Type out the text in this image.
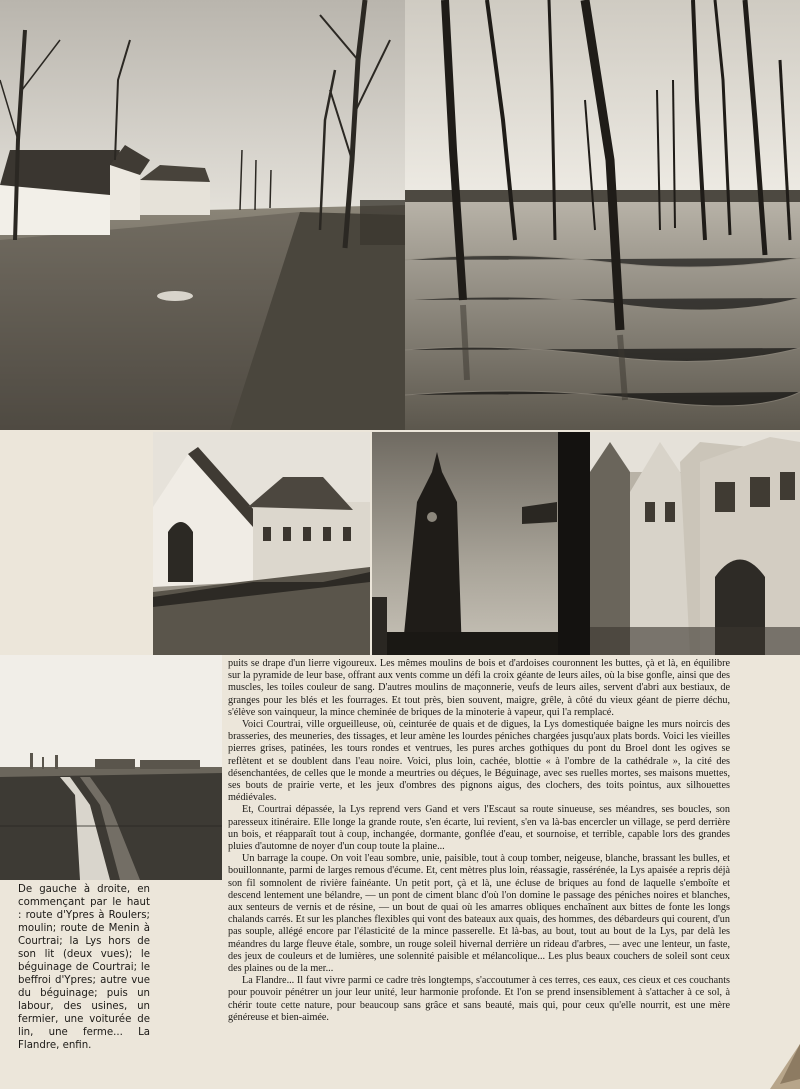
De gauche à droite, en commençant par le haut : route d'Ypres à Roulers; moulin; route de Menin à Courtrai; la Lys hors de son lit (deux vues); le béguinage de Courtrai; le beffroi d'Ypres; autre vue du béguinage; puis un labour, des usines, un fermier, une voiturée de lin, une ferme... La Flandre, enfin.

puits se drape d'un lierre vigoureux. Les mêmes moulins de bois et d'ardoises couronnent les buttes, çà et là, en équilibre sur la pyramide de leur base, offrant aux vents comme un défi la croix géante de leurs ailes, où la bise gonfle, ainsi que des muscles, les toiles couleur de sang. D'autres moulins de maçonnerie, veufs de leurs ailes, servent d'abri aux bestiaux, de granges pour les blés et les fourrages. Et tout près, bien souvent, maigre, grêle, à côté du vieux géant de pierre déchu, s'élève son vainqueur, la mince cheminée de briques de la minoterie à vapeur, qui l'a remplacé.

Voici Courtrai, ville orgueilleuse, où, ceinturée de quais et de digues, la Lys domestiquée baigne les murs noircis des brasseries, des meuneries, des tissages, et leur amène les lourdes péniches chargées jusqu'aux plats bords. Voici les vieilles pierres grises, patinées, les tours rondes et ventrues, les pures arches gothiques du pont du Broel dont les ogives se reflètent et se doublent dans l'eau noire. Voici, plus loin, cachée, blottie « à l'ombre de la cathédrale », la cité des désenchantées, de celles que le monde a meurtries ou déçues, le Béguinage, avec ses ruelles mortes, ses maisons muettes, ses bouts de prairie verte, et les jeux d'ombres des pignons aigus, des clochers, des toits pointus, aux silhouettes médiévales.

Et, Courtrai dépassée, la Lys reprend vers Gand et vers l'Escaut sa route sinueuse, ses méandres, ses boucles, son paresseux itinéraire. Elle longe la grande route, s'en écarte, lui revient, s'en va là-bas encercler un village, se perd derrière un bois, et réapparaît tout à coup, inchangée, dormante, gonflée d'eau, et sournoise, et terrible, capable lors des grandes pluies d'automne de noyer d'un coup toute la plaine...

Un barrage la coupe. On voit l'eau sombre, unie, paisible, tout à coup tomber, neigeuse, blanche, brassant les bulles, et bouillonnante, parmi de larges remous d'écume. Et, cent mètres plus loin, réassagie, rassérénée, la Lys apaisée a repris déjà son fil somnolent de rivière fainéante. Un petit port, çà et là, une écluse de briques au fond de laquelle s'emboîte et descend lentement une bélandre, — un pont de ciment blanc d'où l'on domine le passage des péniches noires et blanches, aux senteurs de vernis et de résine, — un bout de quai où les amarres obliques enchaînent aux bittes de fonte les longs chalands carrés. Et sur les planches flexibles qui vont des bateaux aux quais, des hommes, des débardeurs qui courent, d'un pas souple, allégé encore par l'élasticité de la mince passerelle. Et là-bas, au bout, tout au bout de la Lys, par delà les méandres du large fleuve étale, sombre, un rouge soleil hivernal derrière un rideau d'arbres, — avec une lenteur, un faste, des jeux de couleurs et de lumières, une solennité paisible et mélancolique... Les plus beaux couchers de soleil sont ceux des plaines ou de la mer...

La Flandre... Il faut vivre parmi ce cadre très longtemps, s'accoutumer à ces terres, ces eaux, ces cieux et ces couchants pour pouvoir pénétrer un jour leur unité, leur harmonie profonde. Et l'on se prend insensiblement à s'attacher à ce sol, à chérir toute cette nature, pour beaucoup sans grâce et sans beauté, mais qui, pour ceux qu'elle nourrit, est une mère généreuse et bien-aimée.
